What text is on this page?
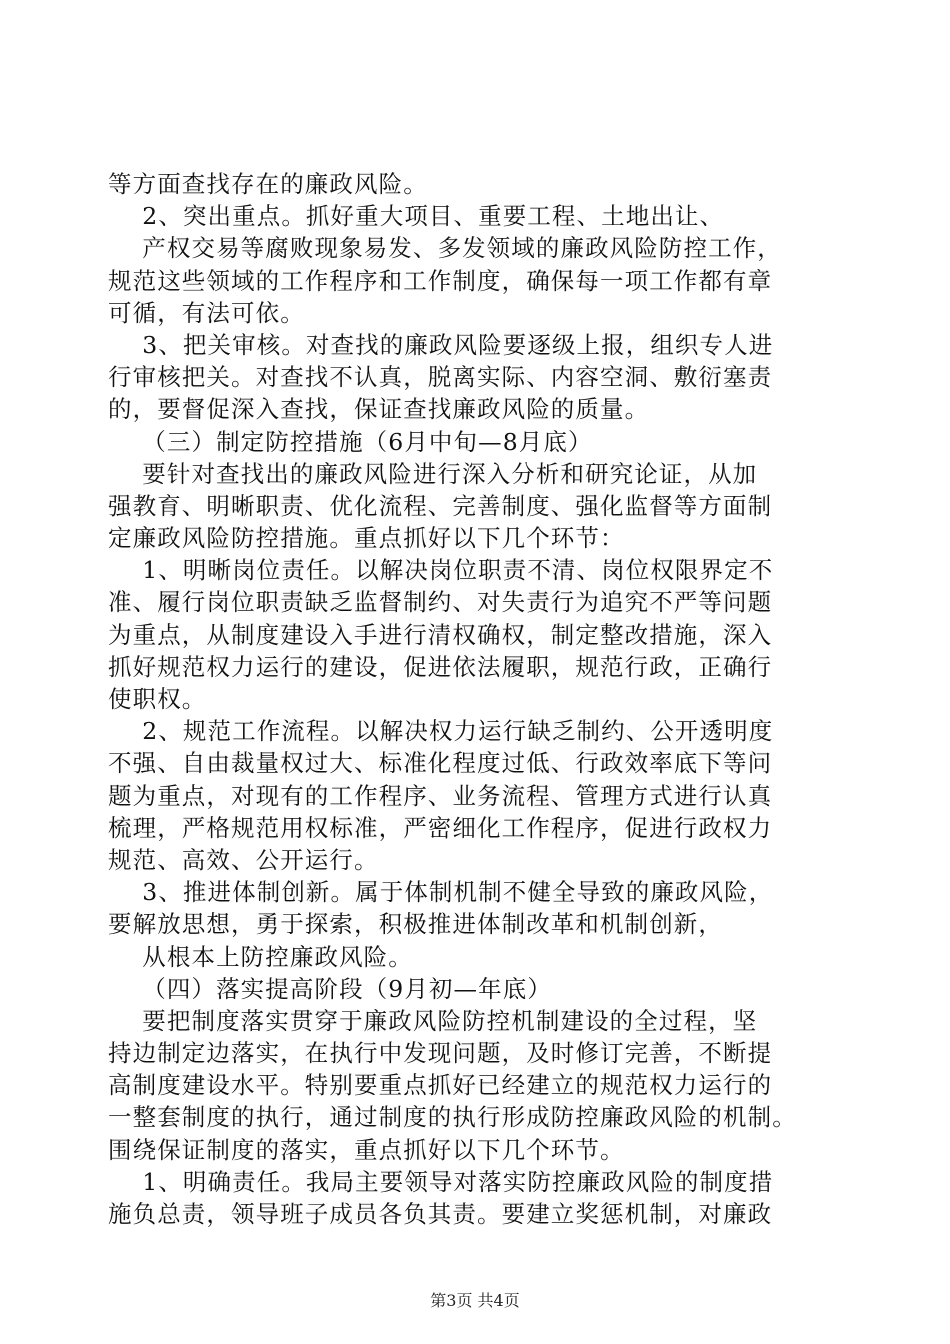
等方面查找存在的廉政风险。
2、突出重点。抓好重大项目、重要工程、土地出让、
产权交易等腐败现象易发、多发领域的廉政风险防控工作，
规范这些领域的工作程序和工作制度，确保每一项工作都有章
可循，有法可依。
3、把关审核。对查找的廉政风险要逐级上报，组织专人进
行审核把关。对查找不认真，脱离实际、内容空洞、敷衍塞责
的，要督促深入查找，保证查找廉政风险的质量。
（三）制定防控措施（6月中旬—8月底）
要针对查找出的廉政风险进行深入分析和研究论证，从加
强教育、明晰职责、优化流程、完善制度、强化监督等方面制
定廉政风险防控措施。重点抓好以下几个环节：
1、明晰岗位责任。以解决岗位职责不清、岗位权限界定不
准、履行岗位职责缺乏监督制约、对失责行为追究不严等问题
为重点，从制度建设入手进行清权确权，制定整改措施，深入
抓好规范权力运行的建设，促进依法履职，规范行政，正确行
使职权。
2、规范工作流程。以解决权力运行缺乏制约、公开透明度
不强、自由裁量权过大、标准化程度过低、行政效率底下等问
题为重点，对现有的工作程序、业务流程、管理方式进行认真
梳理，严格规范用权标准，严密细化工作程序，促进行政权力
规范、高效、公开运行。
3、推进体制创新。属于体制机制不健全导致的廉政风险，
要解放思想，勇于探索，积极推进体制改革和机制创新，
从根本上防控廉政风险。
（四）落实提高阶段（9月初—年底）
要把制度落实贯穿于廉政风险防控机制建设的全过程，坚
持边制定边落实，在执行中发现问题，及时修订完善，不断提
高制度建设水平。特别要重点抓好已经建立的规范权力运行的
一整套制度的执行，通过制度的执行形成防控廉政风险的机制。
围绕保证制度的落实，重点抓好以下几个环节。
1、明确责任。我局主要领导对落实防控廉政风险的制度措
施负总责，领导班子成员各负其责。要建立奖惩机制，对廉政
第3页 共4页
